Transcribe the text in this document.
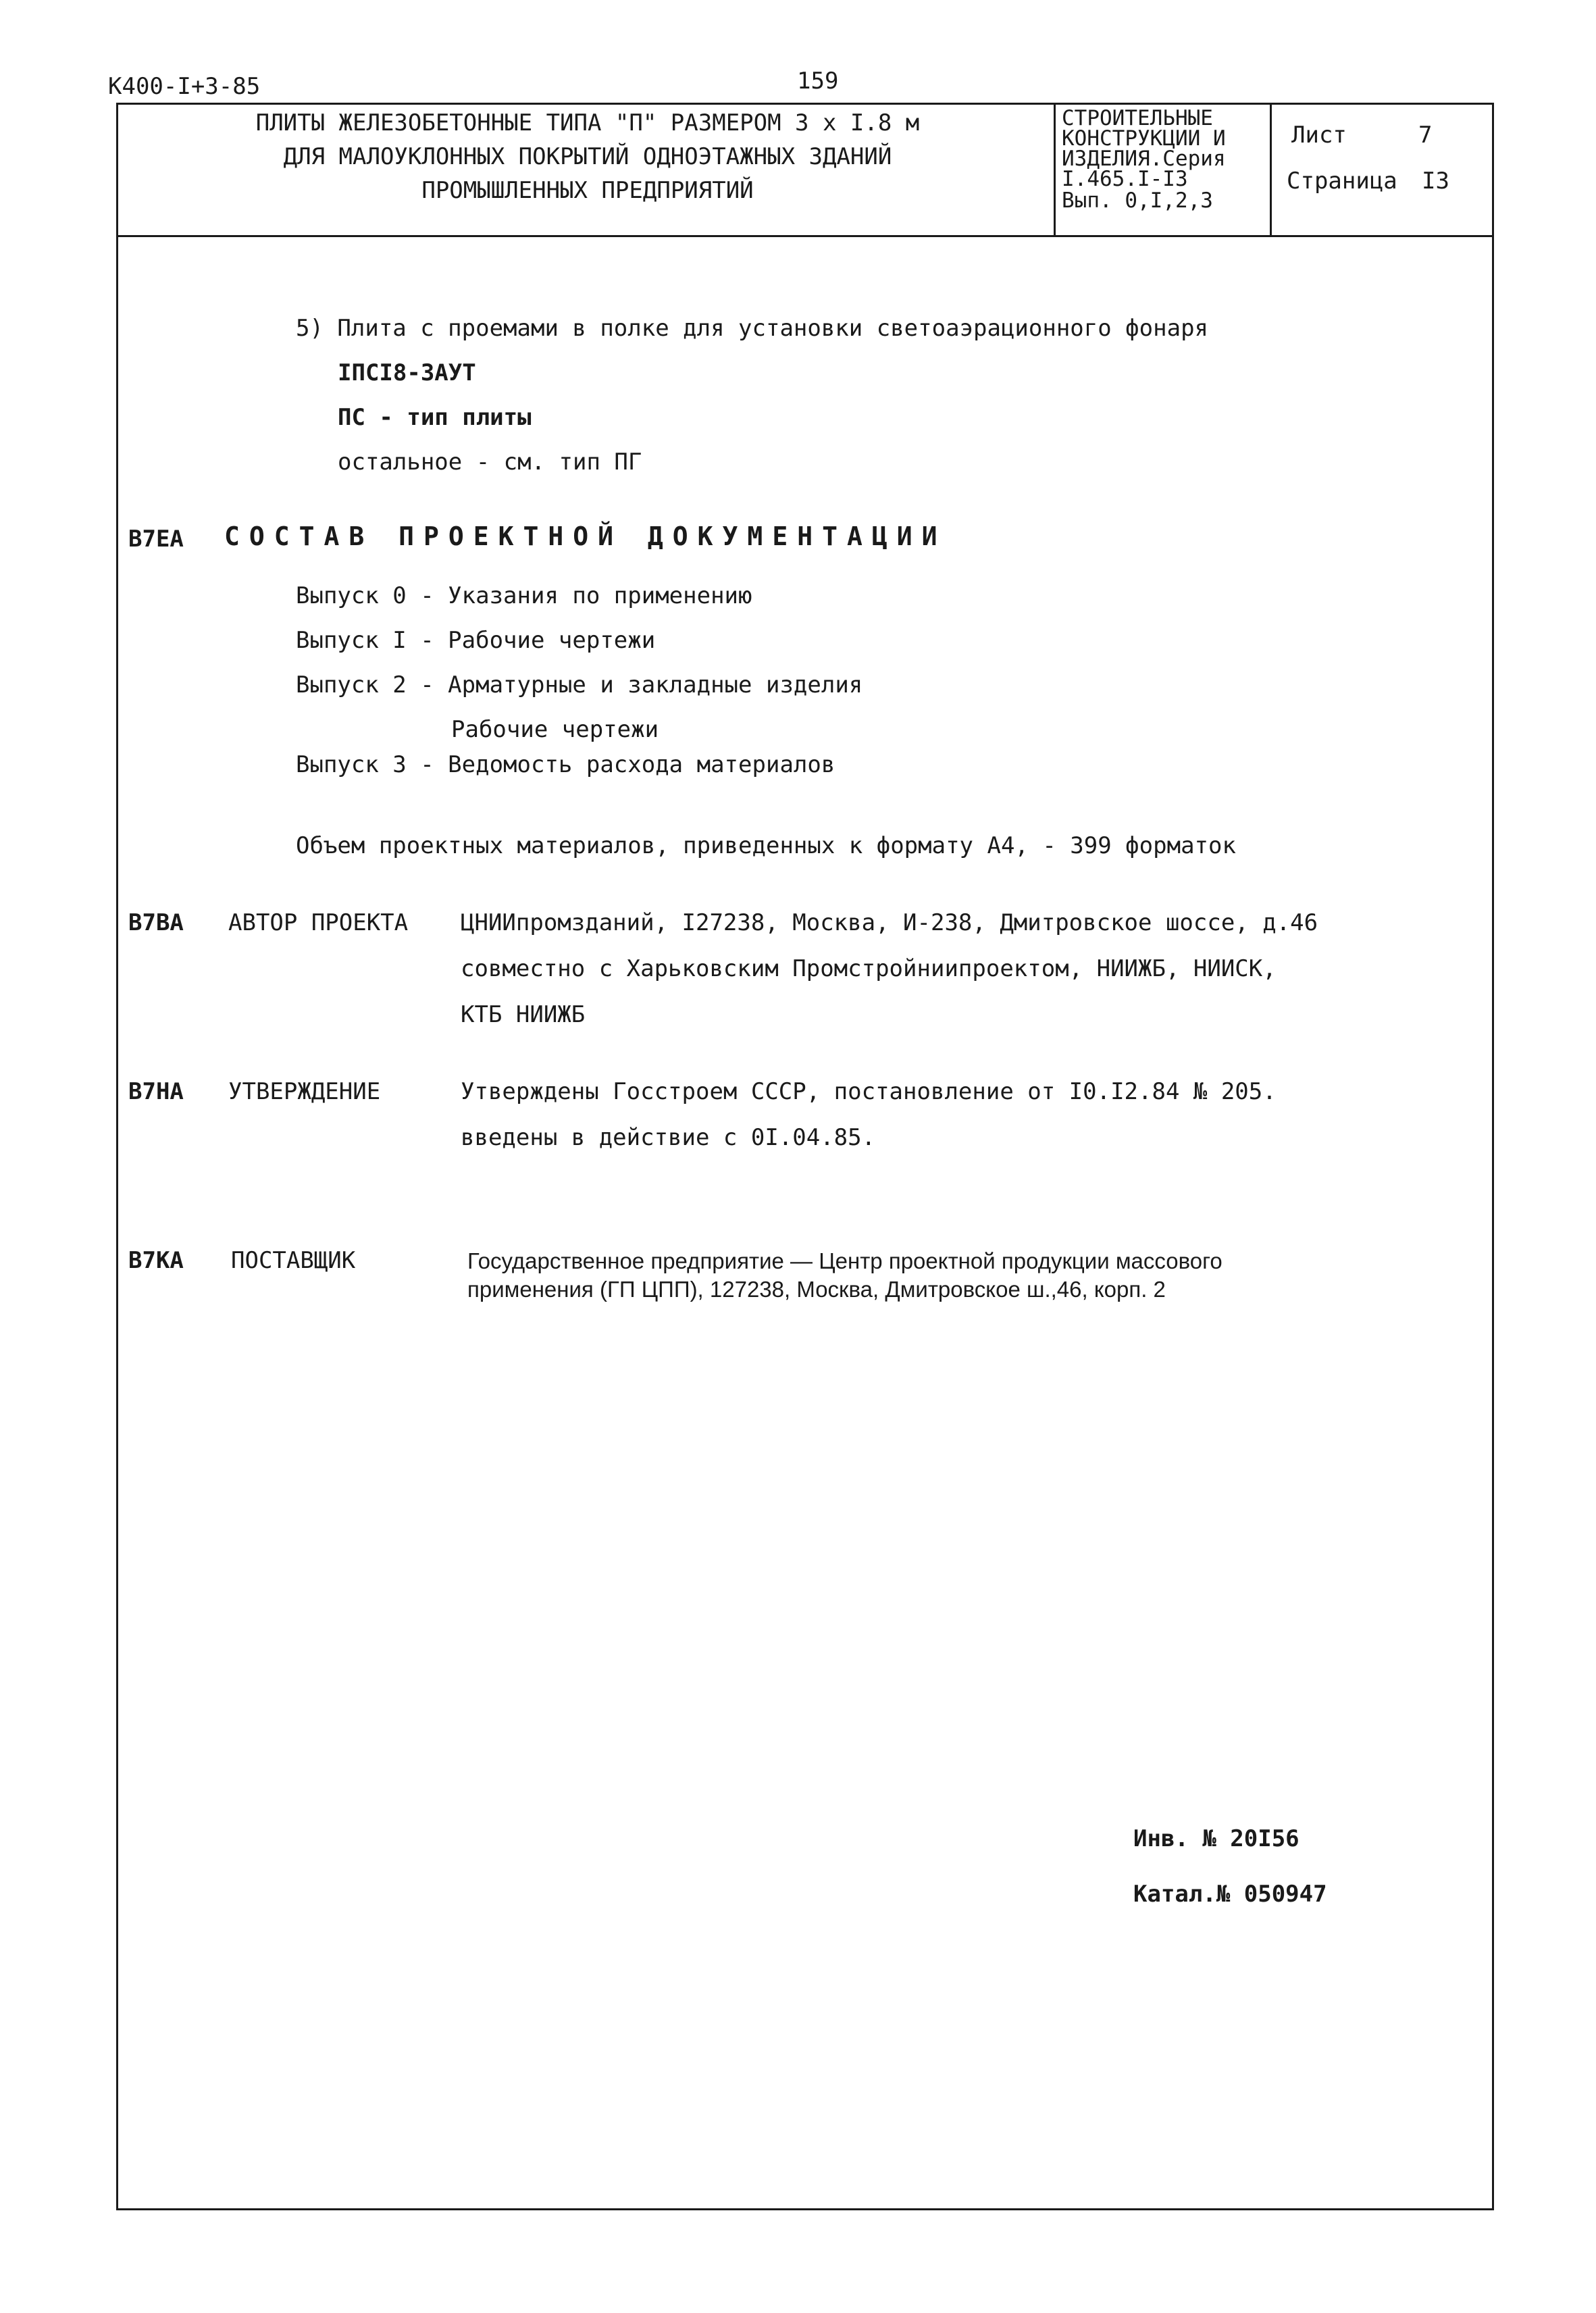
К400-I+3-85	159
ПЛИТЫ ЖЕЛЕЗОБЕТОННЫЕ ТИПА "П" РАЗМЕРОМ 3 х I.8 м
ДЛЯ МАЛОУКЛОННЫХ ПОКРЫТИЙ ОДНОЭТАЖНЫХ ЗДАНИЙ
ПРОМЫШЛЕННЫХ ПРЕДПРИЯТИЙ
СТРОИТЕЛЬНЫЕ
КОНСТРУКЦИИ И
ИЗДЕЛИЯ.Серия
I.465.I-I3
Вып. 0,I,2,3
Лист	7
Страница I3
5) Плита с проемами в полке для установки светоаэрационного фонаря
IПСI8-3АУТ
ПС - тип плиты
остальное - см. тип ПГ
В7ЕА СОСТАВ ПРОЕКТНОЙ ДОКУМЕНТАЦИИ
Выпуск 0 - Указания по применению
Выпуск I - Рабочие чертежи
Выпуск 2 - Арматурные и закладные изделия
Рабочие чертежи
Выпуск 3 - Ведомость расхода материалов
Объем проектных материалов, приведенных к формату А4, - 399 форматок
В7ВА АВТОР ПРОЕКТА ЦНИИпромзданий, I27238, Москва, И-238, Дмитровское шоссе, д.46
совместно с Харьковским Промстройниипроектом, НИИЖБ, НИИСК,
КТБ НИИЖБ
В7НА УТВЕРЖДЕНИЕ	Утверждены Госстроем СССР, постановление от I0.I2.84 № 205.
введены в действие с 0I.04.85.
В7КА ПОСТАВЩИК	Государственное предприятие — Центр проектной продукции массового
применения (ГП ЦПП), 127238, Москва, Дмитровское ш.,46, корп. 2
Инв. № 20I56
Катал.№ 050947
